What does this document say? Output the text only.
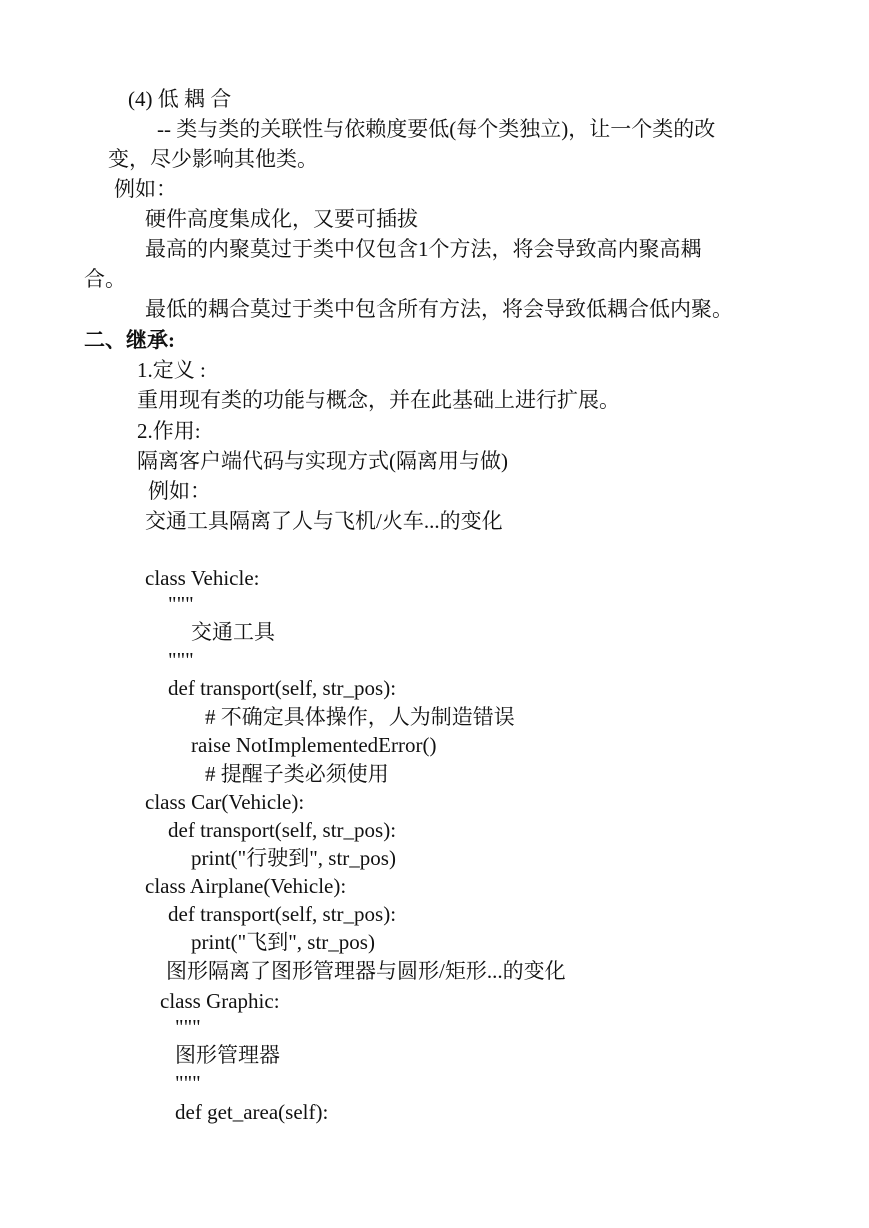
(4) 低 耦 合
-- 类与类的关联性与依赖度要低(每个类独立)，让一个类的改
变，尽少影响其他类。
例如：
硬件高度集成化，又要可插拔
最高的内聚莫过于类中仅包含1个方法，将会导致高内聚高耦
合。
最低的耦合莫过于类中包含所有方法，将会导致低耦合低内聚。
二、继承:
1.定义 :
重用现有类的功能与概念，并在此基础上进行扩展。
2.作用:
隔离客户端代码与实现方式(隔离用与做)
例如：
交通工具隔离了人与飞机/火车...的变化
class Vehicle:
"""
交通工具
"""
def transport(self, str_pos):
# 不确定具体操作，人为制造错误
raise NotImplementedError()
# 提醒子类必须使用
class Car(Vehicle):
def transport(self, str_pos):
print("行驶到", str_pos)
class Airplane(Vehicle):
def transport(self, str_pos):
print("飞到", str_pos)
图形隔离了图形管理器与圆形/矩形...的变化
class Graphic:
"""
图形管理器
"""
def get_area(self):
